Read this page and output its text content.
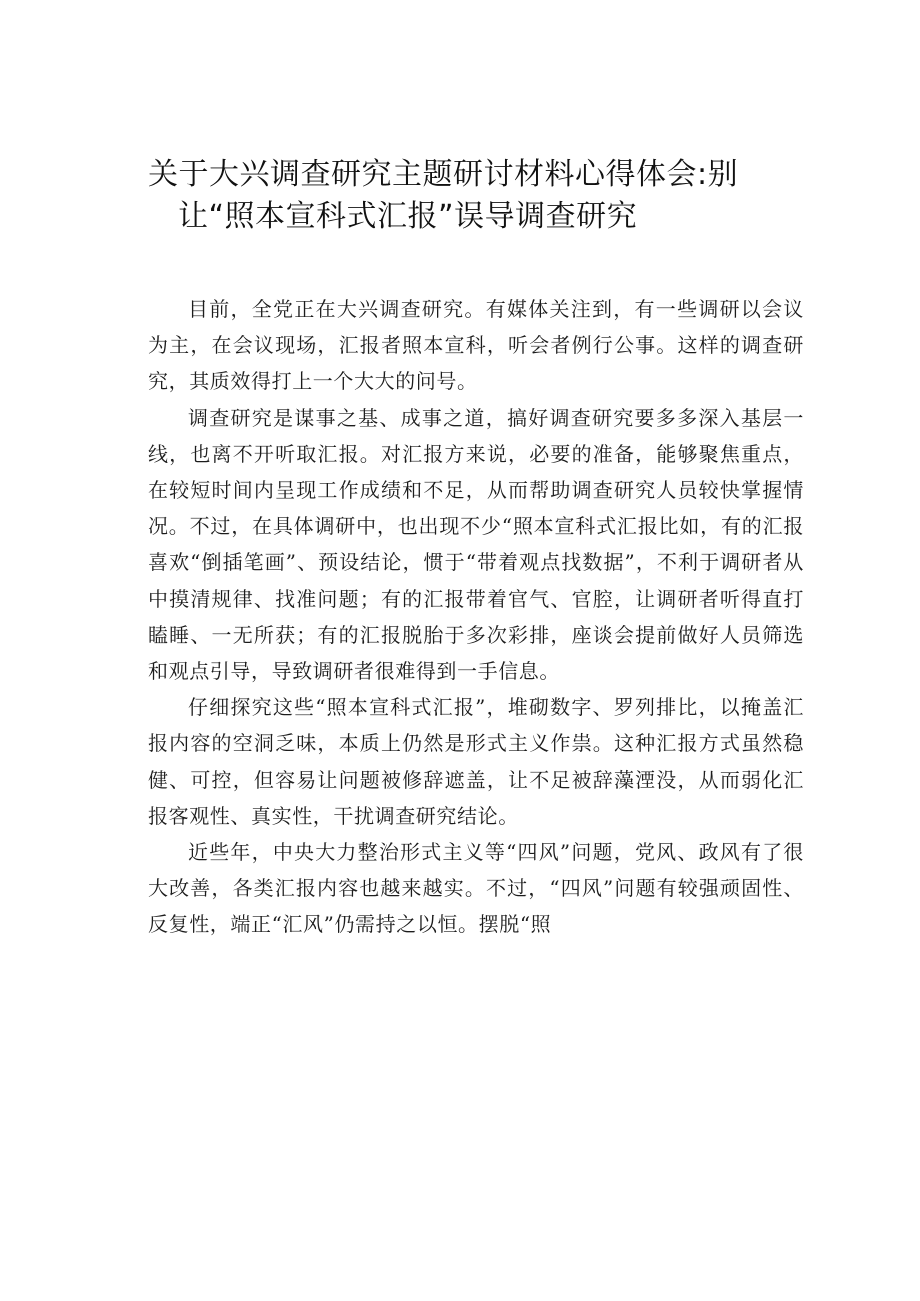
关于大兴调查研究主题研讨材料心得体会:别
让“照本宣科式汇报”误导调查研究

目前，全党正在大兴调查研究。有媒体关注到，有一些调研以会议为主，在会议现场，汇报者照本宣科，听会者例行公事。这样的调查研究，其质效得打上一个大大的问号。

调查研究是谋事之基、成事之道，搞好调查研究要多多深入基层一线，也离不开听取汇报。对汇报方来说，必要的准备，能够聚焦重点，在较短时间内呈现工作成绩和不足，从而帮助调查研究人员较快掌握情况。不过，在具体调研中，也出现不少“照本宣科式汇报比如，有的汇报喜欢“倒插笔画”、预设结论，惯于“带着观点找数据”，不利于调研者从中摸清规律、找准问题；有的汇报带着官气、官腔，让调研者听得直打瞌睡、一无所获；有的汇报脱胎于多次彩排，座谈会提前做好人员筛选和观点引导，导致调研者很难得到一手信息。

仔细探究这些“照本宣科式汇报”，堆砌数字、罗列排比，以掩盖汇报内容的空洞乏味，本质上仍然是形式主义作祟。这种汇报方式虽然稳健、可控，但容易让问题被修辞遮盖，让不足被辞藻湮没，从而弱化汇报客观性、真实性，干扰调查研究结论。

近些年，中央大力整治形式主义等“四风”问题，党风、政风有了很大改善，各类汇报内容也越来越实。不过，“四风”问题有较强顽固性、反复性，端正“汇风”仍需持之以恒。摆脱“照
